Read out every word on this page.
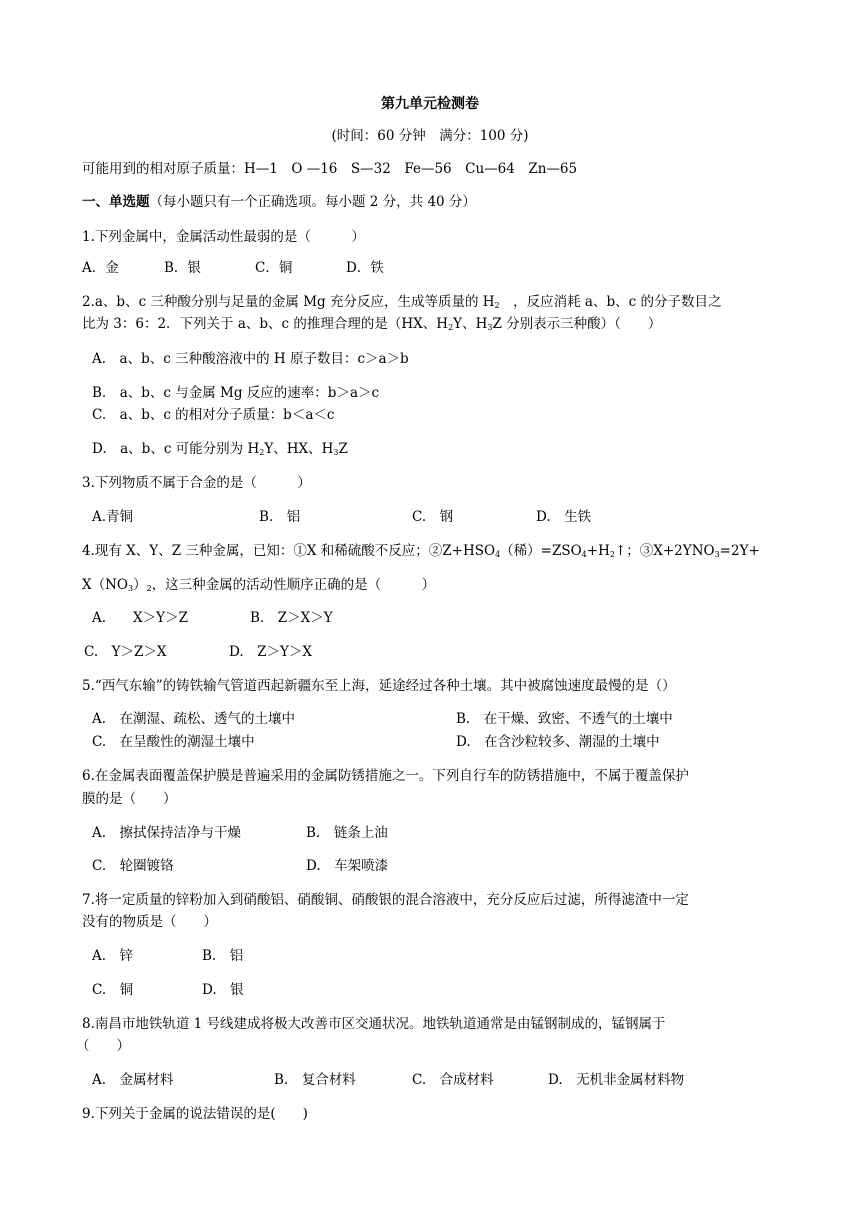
第九单元检测卷
(时间：60 分钟　满分：100 分)
可能用到的相对原子质量：H—1　O —16　S—32　Fe—56　Cu—64　Zn—65
一、单选题（每小题只有一个正确选项。每小题 2 分，共 40 分）
1.下列金属中，金属活动性最弱的是（　　　）
A．金	B．银	C．铜	D．铁
2.a、b、c 三种酸分别与足量的金属 Mg 充分反应，生成等质量的 $H_2$　，反应消耗 a、b、c 的分子数目之
比为 3：6：2．下列关于 a、b、c 的推理合理的是（HX、$H_2Y$、$H_3Z$ 分别表示三种酸）（　　）
A.　a、b、c 三种酸溶液中的 H 原子数目：c＞a＞b
B.　a、b、c 与金属 Mg 反应的速率：b＞a＞c
C.　a、b、c 的相对分子质量：b＜a＜c
D.　a、b、c 可能分别为 $H_2Y$、HX、$H_3Z$
3.下列物质不属于合金的是（　　　）
A.青铜	B.　铝	C.　钢	D.　生铁
4.现有 X、Y、Z 三种金属，已知：①X 和稀硫酸不反应；$②Z+HSO_4$（稀）$=ZSO_4+H_2↑$；$③X+2YNO_3=2Y+$
$X(NO_3)_2$，这三种金属的活动性顺序正确的是（　　　）
A.　　X＞Y＞Z	B.　Z＞X＞Y
C.　Y＞Z＞X	D.　Z＞Y＞X
5.“西气东输”的铸铁输气管道西起新疆东至上海，延途经过各种土壤。其中被腐蚀速度最慢的是（）
A.　在潮湿、疏松、透气的土壤中	B.　在干燥、致密、不透气的土壤中
C.　在呈酸性的潮湿土壤中	D.　在含沙粒较多、潮湿的土壤中
6.在金属表面覆盖保护膜是普遍采用的金属防锈措施之一。下列自行车的防锈措施中，不属于覆盖保护
膜的是（　　）
A.　擦拭保持洁净与干燥	B.　链条上油
C.　轮圈镀铬	D.　车架喷漆
7.将一定质量的锌粉加入到硝酸铝、硝酸铜、硝酸银的混合溶液中，充分反应后过滤，所得滤渣中一定
没有的物质是（　　）
A.　锌	B.　铝
C.　铜	D.　银
8.南昌市地铁轨道 1 号线建成将极大改善市区交通状况。地铁轨道通常是由锰钢制成的，锰钢属于
（　　）
A.　金属材料	B.　复合材料	C.　合成材料	D.　无机非金属材料物
9.下列关于金属的说法错误的是(　　)
